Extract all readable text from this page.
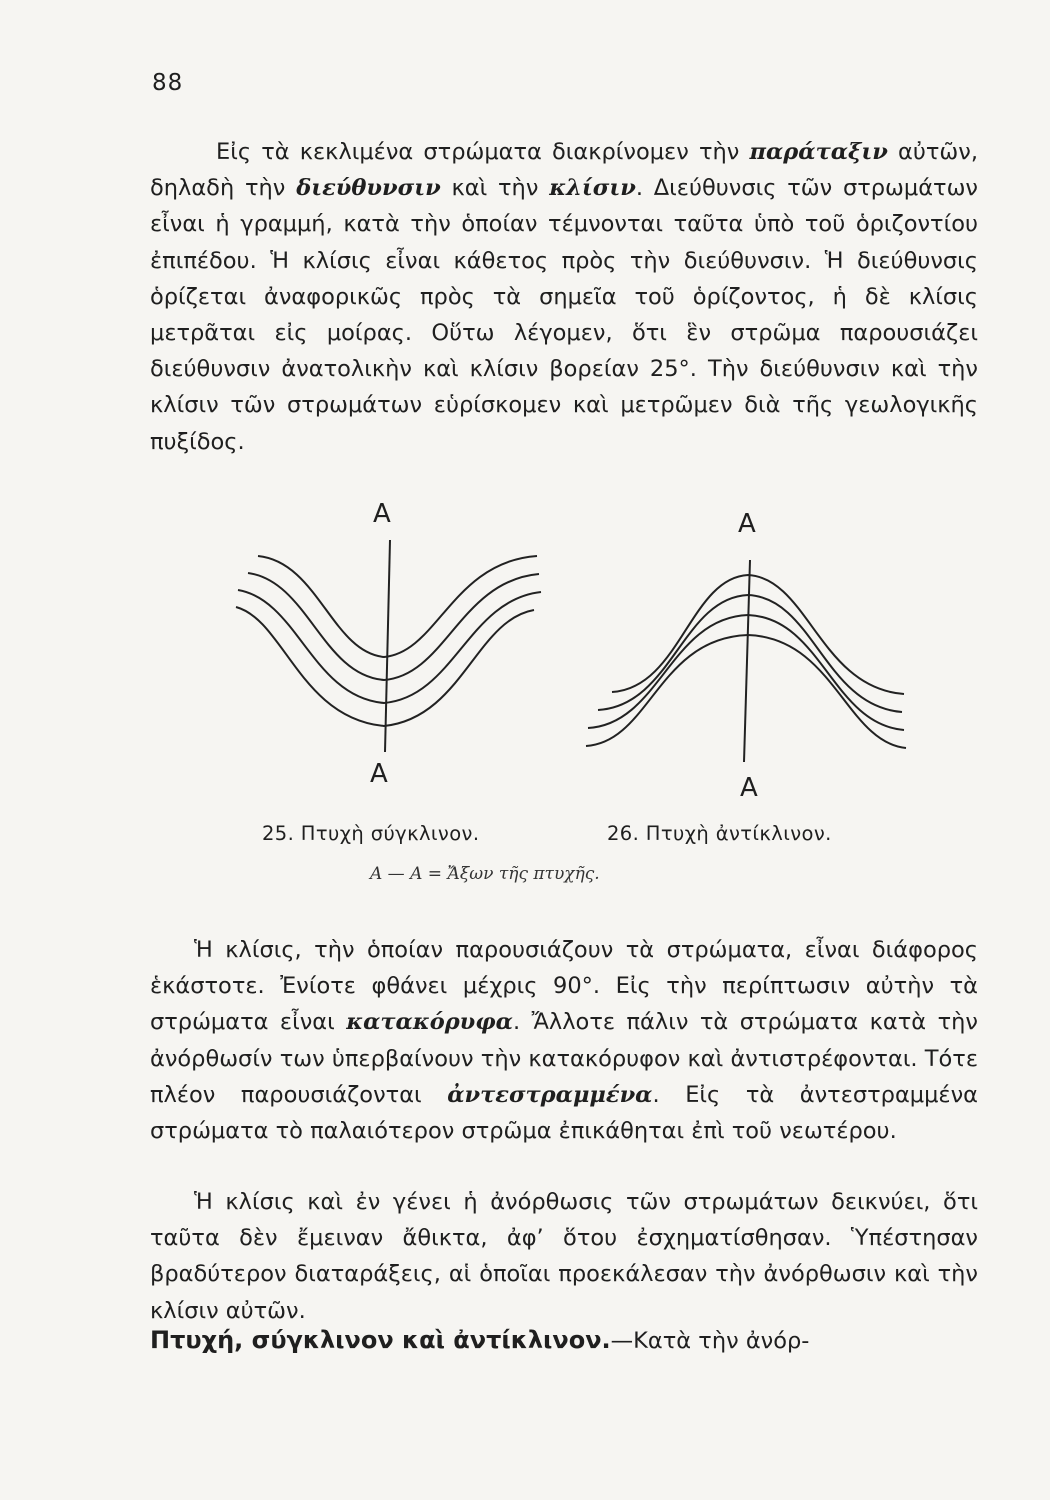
88

Εἰς τὰ κεκλιμένα στρώματα διακρίνομεν τὴν παράταξιν αὐτῶν, δηλαδὴ τὴν διεύθυνσιν καὶ τὴν κλίσιν. Διεύθυνσις τῶν στρωμάτων εἶναι ἡ γραμμή, κατὰ τὴν ὁποίαν τέμνονται ταῦτα ὑπὸ τοῦ ὁριζοντίου ἐπιπέδου. Ἡ κλίσις εἶναι κάθετος πρὸς τὴν διεύθυνσιν. Ἡ διεύθυνσις ὁρίζεται ἀναφορικῶς πρὸς τὰ σημεῖα τοῦ ὁρίζοντος, ἡ δὲ κλίσις μετρᾶται εἰς μοίρας. Οὕτω λέγομεν, ὅτι ἓν στρῶμα παρουσιάζει διεύθυνσιν ἀνατολικὴν καὶ κλίσιν βορείαν 25°. Τὴν διεύθυνσιν καὶ τὴν κλίσιν τῶν στρωμάτων εὑρίσκομεν καὶ μετρῶμεν διὰ τῆς γεωλογικῆς πυξίδος.

A
A
A
A
25. Πτυχὴ σύγκλινον.	26. Πτυχὴ ἀντίκλινον.
Α — Α = Ἄξων τῆς πτυχῆς.

Ἡ κλίσις, τὴν ὁποίαν παρουσιάζουν τὰ στρώματα, εἶναι διάφορος ἑκάστοτε. Ἐνίοτε φθάνει μέχρις 90°. Εἰς τὴν περίπτωσιν αὐτὴν τὰ στρώματα εἶναι κατακόρυφα. Ἄλλοτε πάλιν τὰ στρώματα κατὰ τὴν ἀνόρθωσίν των ὑπερβαίνουν τὴν κατακόρυφον καὶ ἀντιστρέφονται. Τότε πλέον παρουσιάζονται ἀντεστραμμένα. Εἰς τὰ ἀντεστραμμένα στρώματα τὸ παλαιότερον στρῶμα ἐπικάθηται ἐπὶ τοῦ νεωτέρου.

Ἡ κλίσις καὶ ἐν γένει ἡ ἀνόρθωσις τῶν στρωμάτων δεικνύει, ὅτι ταῦτα δὲν ἔμειναν ἄθικτα, ἀφ’ ὅτου ἐσχηματίσθησαν. Ὑπέστησαν βραδύτερον διαταράξεις, αἱ ὁποῖαι προεκάλεσαν τὴν ἀνόρθωσιν καὶ τὴν κλίσιν αὐτῶν.

Πτυχή, σύγκλινον καὶ ἀντίκλινον.—Κατὰ τὴν ἀνόρ-
